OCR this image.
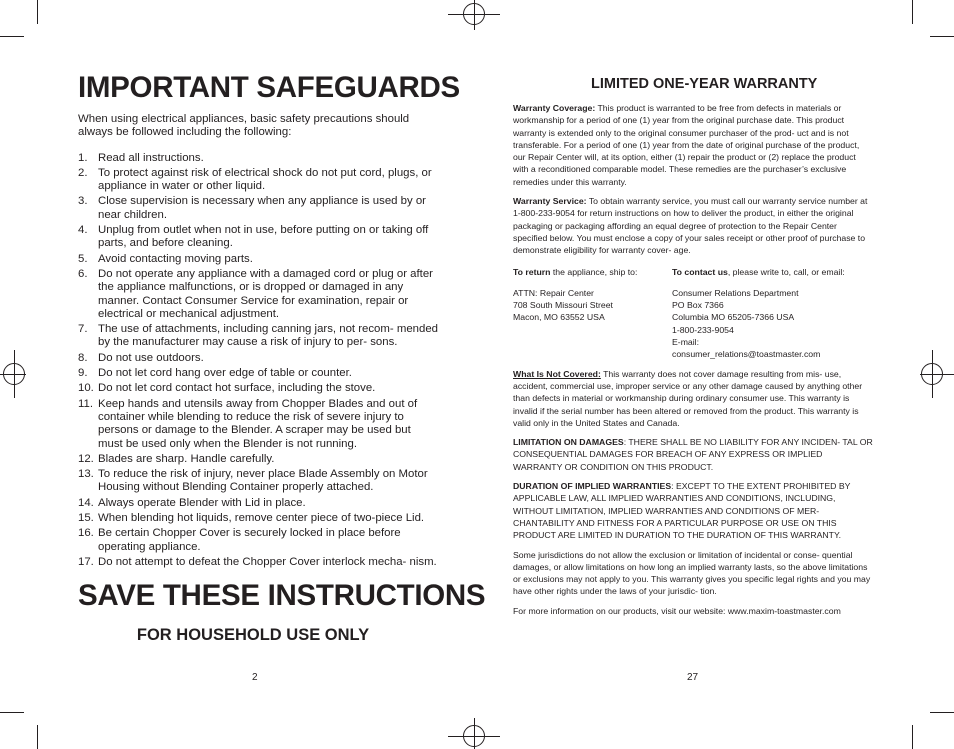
IMPORTANT SAFEGUARDS

When using electrical appliances, basic safety precautions should always be followed including the following:

1. Read all instructions.
2. To protect against risk of electrical shock do not put cord, plugs, or appliance in water or other liquid.
3. Close supervision is necessary when any appliance is used by or near children.
4. Unplug from outlet when not in use, before putting on or taking off parts, and before cleaning.
5. Avoid contacting moving parts.
6. Do not operate any appliance with a damaged cord or plug or after the appliance malfunctions, or is dropped or damaged in any manner. Contact Consumer Service for examination, repair or electrical or mechanical adjustment.
7. The use of attachments, including canning jars, not recom- mended by the manufacturer may cause a risk of injury to per- sons.
8. Do not use outdoors.
9. Do not let cord hang over edge of table or counter.
10. Do not let cord contact hot surface, including the stove.
11. Keep hands and utensils away from Chopper Blades and out of container while blending to reduce the risk of severe injury to persons or damage to the Blender. A scraper may be used but must be used only when the Blender is not running.
12. Blades are sharp. Handle carefully.
13. To reduce the risk of injury, never place Blade Assembly on Motor Housing without Blending Container properly attached.
14. Always operate Blender with Lid in place.
15. When blending hot liquids, remove center piece of two-piece Lid.
16. Be certain Chopper Cover is securely locked in place before operating appliance.
17. Do not attempt to defeat the Chopper Cover interlock mecha- nism.
SAVE THESE INSTRUCTIONS
FOR HOUSEHOLD USE ONLY
2
LIMITED ONE-YEAR WARRANTY

Warranty Coverage: This product is warranted to be free from defects in materials or workmanship for a period of one (1) year from the original purchase date. This product warranty is extended only to the original consumer purchaser of the prod- uct and is not transferable. For a period of one (1) year from the date of original purchase of the product, our Repair Center will, at its option, either (1) repair the product or (2) replace the product with a reconditioned comparable model. These remedies are the purchaser’s exclusive remedies under this warranty.

Warranty Service: To obtain warranty service, you must call our warranty service number at 1-800-233-9054 for return instructions on how to deliver the product, in either the original packaging or packaging affording an equal degree of protection to the Repair Center specified below. You must enclose a copy of your sales receipt or other proof of purchase to demonstrate eligibility for warranty cover- age.

To return the appliance, ship to:	To contact us, please write to, call, or email:
ATTN: Repair Center
708 South Missouri Street
Macon, MO 63552 USA
Consumer Relations Department
PO Box 7366
Columbia MO 65205-7366 USA
1-800-233-9054
E-mail:
consumer_relations@toastmaster.com

What Is Not Covered: This warranty does not cover damage resulting from mis- use, accident, commercial use, improper service or any other damage caused by anything other than defects in material or workmanship during ordinary consumer use. This warranty is invalid if the serial number has been altered or removed from the product. This warranty is valid only in the United States and Canada.

LIMITATION ON DAMAGES: THERE SHALL BE NO LIABILITY FOR ANY INCIDEN- TAL OR CONSEQUENTIAL DAMAGES FOR BREACH OF ANY EXPRESS OR IMPLIED WARRANTY OR CONDITION ON THIS PRODUCT.

DURATION OF IMPLIED WARRANTIES: EXCEPT TO THE EXTENT PROHIBITED BY APPLICABLE LAW, ALL IMPLIED WARRANTIES AND CONDITIONS, INCLUDING, WITHOUT LIMITATION, IMPLIED WARRANTIES AND CONDITIONS OF MER- CHANTABILITY AND FITNESS FOR A PARTICULAR PURPOSE OR USE ON THIS PRODUCT ARE LIMITED IN DURATION TO THE DURATION OF THIS WARRANTY.

Some jurisdictions do not allow the exclusion or limitation of incidental or conse- quential damages, or allow limitations on how long an implied warranty lasts, so the above limitations or exclusions may not apply to you. This warranty gives you specific legal rights and you may have other rights under the laws of your jurisdic- tion.

For more information on our products, visit our website: www.maxim-toastmaster.com

27
